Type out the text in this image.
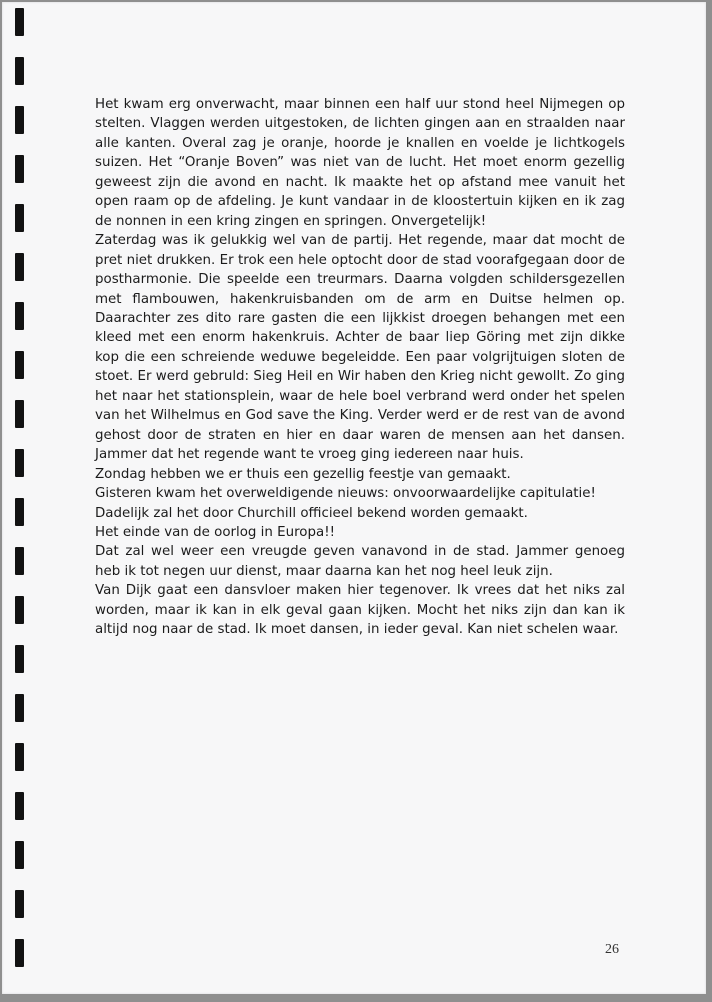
Het kwam erg onverwacht, maar binnen een half uur stond heel Nijmegen op stelten. Vlaggen werden uitgestoken, de lichten gingen aan en straalden naar alle kanten. Overal zag je oranje, hoorde je knallen en voelde je lichtkogels suizen. Het “Oranje Boven” was niet van de lucht. Het moet enorm gezellig geweest zijn die avond en nacht. Ik maakte het op afstand mee vanuit het open raam op de afdeling. Je kunt vandaar in de kloostertuin kijken en ik zag de nonnen in een kring zingen en springen. Onvergetelijk!

Zaterdag was ik gelukkig wel van de partij. Het regende, maar dat mocht de pret niet drukken. Er trok een hele optocht door de stad voorafgegaan door de postharmonie. Die speelde een treurmars. Daarna volgden schildersgezellen met flambouwen, hakenkruisbanden om de arm en Duitse helmen op. Daarachter zes dito rare gasten die een lijkkist droegen behangen met een kleed met een enorm hakenkruis. Achter de baar liep Göring met zijn dikke kop die een schreiende weduwe begeleidde. Een paar volgrijtuigen sloten de stoet. Er werd gebruld: Sieg Heil en Wir haben den Krieg nicht gewollt. Zo ging het naar het stationsplein, waar de hele boel verbrand werd onder het spelen van het Wilhelmus en God save the King. Verder werd er de rest van de avond gehost door de straten en hier en daar waren de mensen aan het dansen. Jammer dat het regende want te vroeg ging iedereen naar huis.

Zondag hebben we er thuis een gezellig feestje van gemaakt.

Gisteren kwam het overweldigende nieuws: onvoorwaardelijke capitulatie!

Dadelijk zal het door Churchill officieel bekend worden gemaakt.

Het einde van de oorlog in Europa!!

Dat zal wel weer een vreugde geven vanavond in de stad. Jammer genoeg heb ik tot negen uur dienst, maar daarna kan het nog heel leuk zijn.

Van Dijk gaat een dansvloer maken hier tegenover. Ik vrees dat het niks zal worden, maar ik kan in elk geval gaan kijken. Mocht het niks zijn dan kan ik altijd nog naar de stad. Ik moet dansen, in ieder geval. Kan niet schelen waar.

26
